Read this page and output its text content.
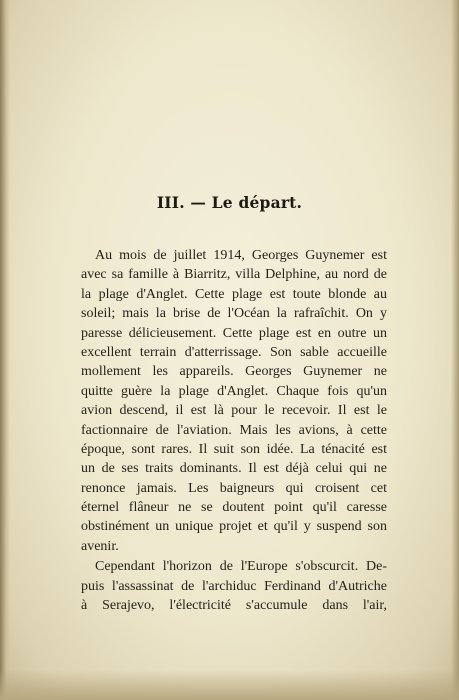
III. — Le départ.

Au mois de juillet 1914, Georges Guynemer est
avec sa famille à Biarritz, villa Delphine, au nord de
la plage d'Anglet. Cette plage est toute blonde au
soleil; mais la brise de l'Océan la rafraîchit. On y
paresse délicieusement. Cette plage est en outre un
excellent terrain d'atterrissage. Son sable accueille
mollement les appareils. Georges Guynemer ne
quitte guère la plage d'Anglet. Chaque fois qu'un
avion descend, il est là pour le recevoir. Il est le
factionnaire de l'aviation. Mais les avions, à cette
époque, sont rares. Il suit son idée. La ténacité est
un de ses traits dominants. Il est déjà celui qui ne
renonce jamais. Les baigneurs qui croisent cet
éternel flâneur ne se doutent point qu'il caresse
obstinément un unique projet et qu'il y suspend son
avenir.

Cependant l'horizon de l'Europe s'obscurcit. De-
puis l'assassinat de l'archiduc Ferdinand d'Autriche
à Serajevo, l'électricité s'accumule dans l'air,
